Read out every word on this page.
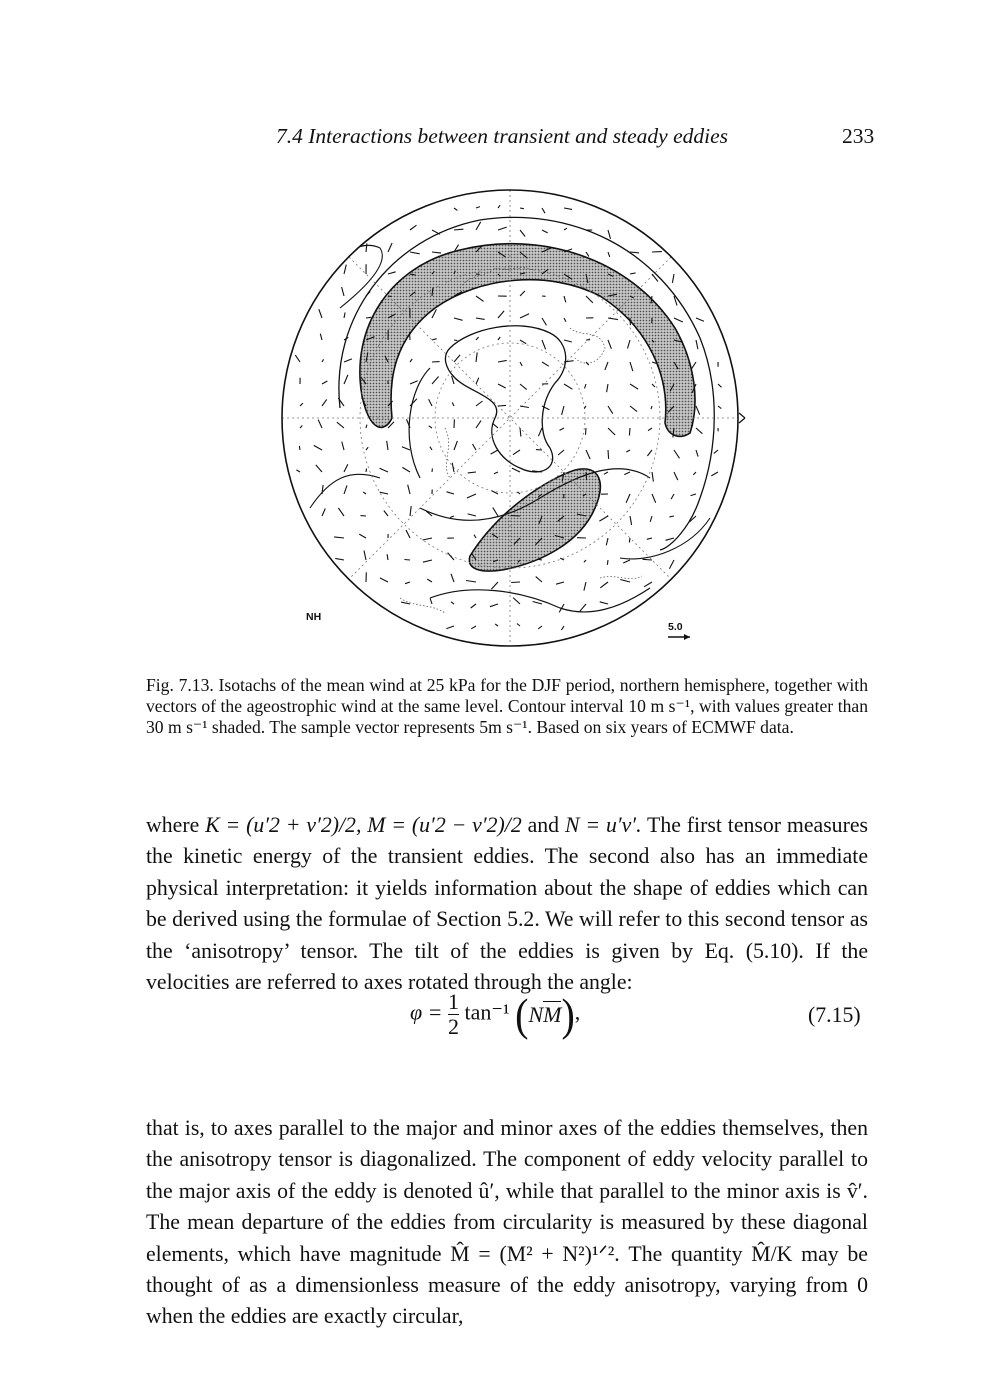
7.4 Interactions between transient and steady eddies	233
NH
5.0
Fig. 7.13. Isotachs of the mean wind at 25 kPa for the DJF period, northern hemisphere, together with vectors of the ageostrophic wind at the same level. Contour interval 10 m s⁻¹, with values greater than 30 m s⁻¹ shaded. The sample vector represents 5m s⁻¹. Based on six years of ECMWF data.
where K = (u′2 + v′2)/2, M = (u′2 − v′2)/2 and N = u′v′. The first tensor measures the kinetic energy of the transient eddies. The second also has an immediate physical interpretation: it yields information about the shape of eddies which can be derived using the formulae of Section 5.2. We will refer to this second tensor as the ‘anisotropy’ tensor. The tilt of the eddies is given by Eq. (5.10). If the velocities are referred to axes rotated through the angle:
$\varphi = \frac{1}{2} \tan^{-1}$ (NM),	(7.15)
that is, to axes parallel to the major and minor axes of the eddies themselves, then the anisotropy tensor is diagonalized. The component of eddy velocity parallel to the major axis of the eddy is denoted û′, while that parallel to the minor axis is v̂′. The mean departure of the eddies from circularity is measured by these diagonal elements, which have magnitude M̂ = (M² + N²)¹ᐟ². The quantity M̂/K may be thought of as a dimensionless measure of the eddy anisotropy, varying from 0 when the eddies are exactly circular,
